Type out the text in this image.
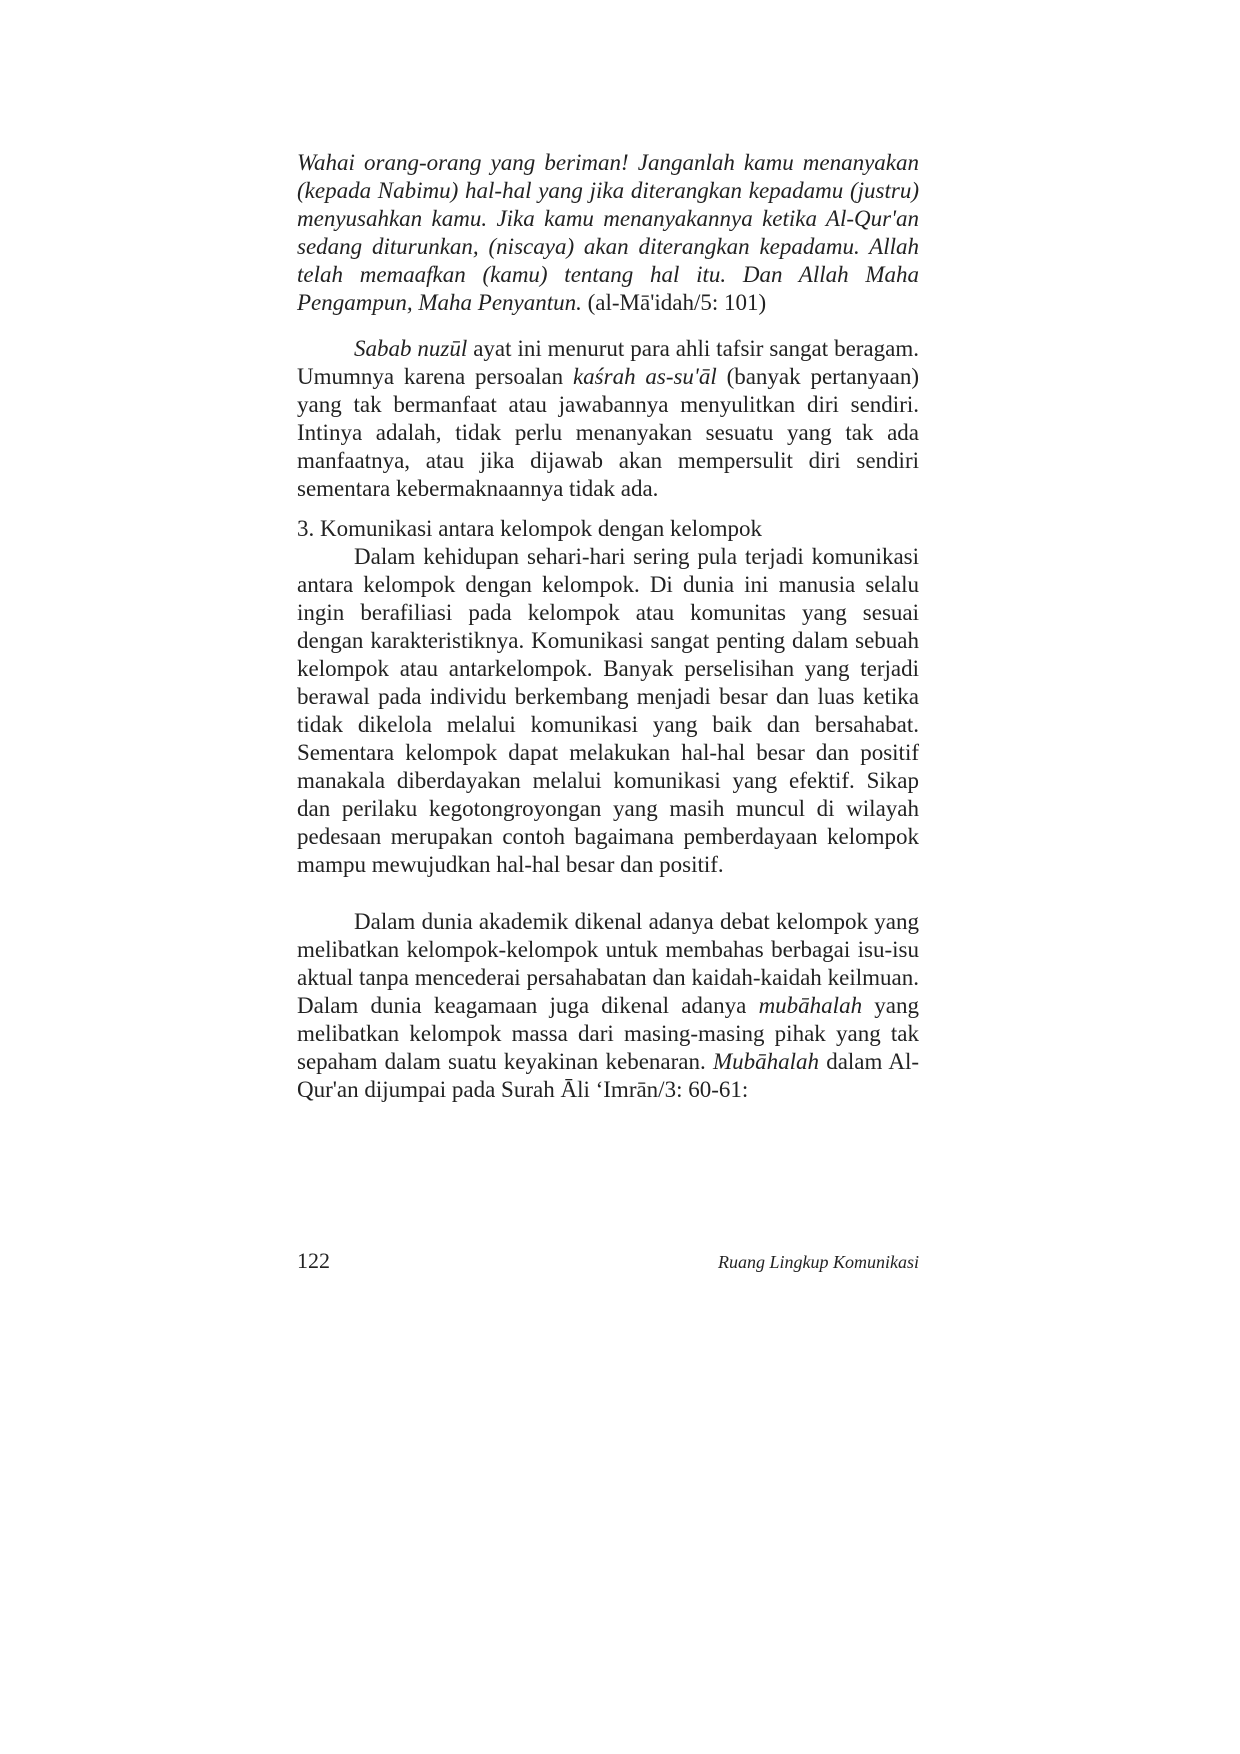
Wahai orang-orang yang beriman! Janganlah kamu menanyakan (kepada Nabimu) hal-hal yang jika diterangkan kepadamu (justru) menyusahkan kamu. Jika kamu menanyakannya ketika Al-Qur'an sedang diturunkan, (niscaya) akan diterangkan kepadamu. Allah telah memaafkan (kamu) tentang hal itu. Dan Allah Maha Pengampun, Maha Penyantun. (al-Mā'idah/5: 101)

Sabab nuzūl ayat ini menurut para ahli tafsir sangat beragam. Umumnya karena persoalan kaśrah as-su'āl (banyak pertanyaan) yang tak bermanfaat atau jawabannya menyulitkan diri sendiri. Intinya adalah, tidak perlu menanyakan sesuatu yang tak ada manfaatnya, atau jika dijawab akan mempersulit diri sendiri sementara kebermaknaannya tidak ada.

3. Komunikasi antara kelompok dengan kelompok

Dalam kehidupan sehari-hari sering pula terjadi komunikasi antara kelompok dengan kelompok. Di dunia ini manusia selalu ingin berafiliasi pada kelompok atau komunitas yang sesuai dengan karakteristiknya. Komunikasi sangat penting dalam sebuah kelompok atau antarkelompok. Banyak perselisihan yang terjadi berawal pada individu berkembang menjadi besar dan luas ketika tidak dikelola melalui komunikasi yang baik dan bersahabat. Sementara kelompok dapat melakukan hal-hal besar dan positif manakala diberdayakan melalui komunikasi yang efektif. Sikap dan perilaku kegotongroyongan yang masih muncul di wilayah pedesaan merupakan contoh bagaimana pemberdayaan kelompok mampu mewujudkan hal-hal besar dan positif.

Dalam dunia akademik dikenal adanya debat kelompok yang melibatkan kelompok-kelompok untuk membahas berbagai isu-isu aktual tanpa mencederai persahabatan dan kaidah-kaidah keilmuan. Dalam dunia keagamaan juga dikenal adanya mubāhalah yang melibatkan kelompok massa dari masing-masing pihak yang tak sepaham dalam suatu keyakinan kebenaran. Mubāhalah dalam Al-Qur'an dijumpai pada Surah Āli ‘Imrān/3: 60-61:

122	Ruang Lingkup Komunikasi
